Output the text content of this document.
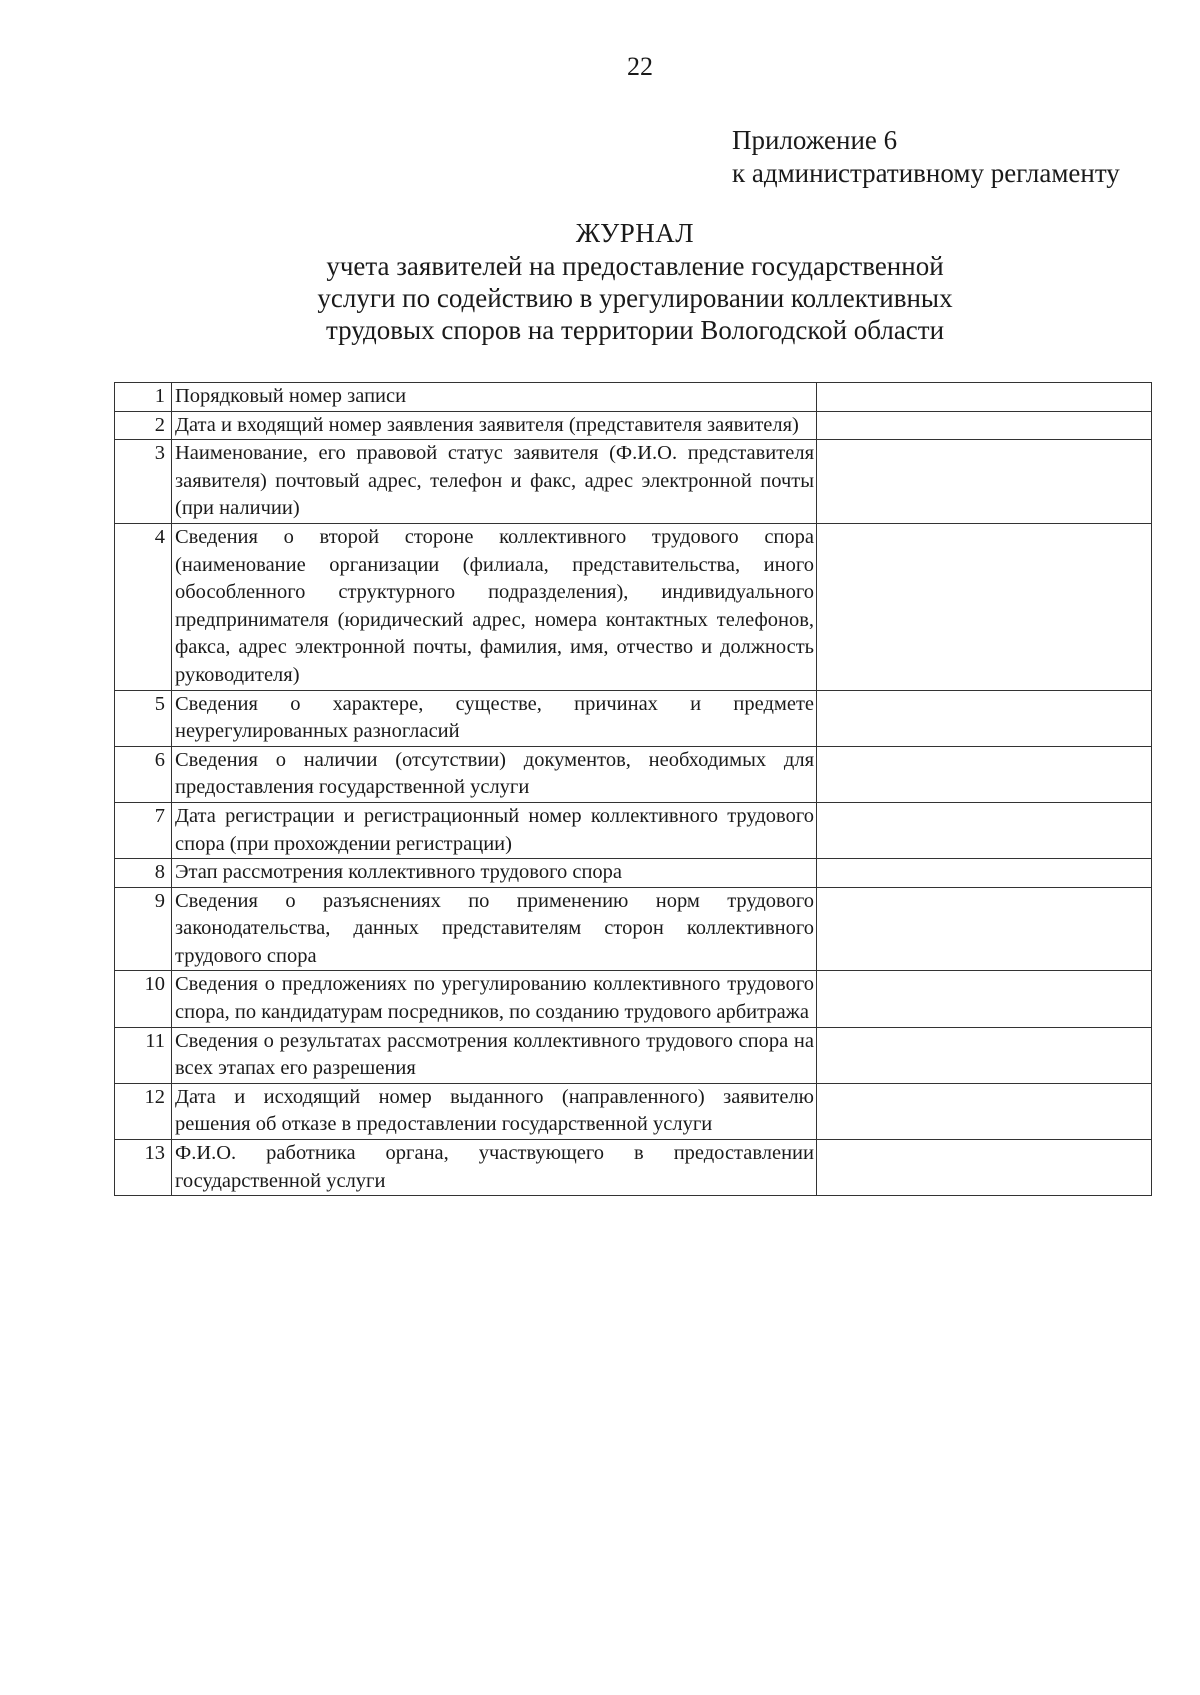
22
Приложение 6
к административному регламенту
ЖУРНАЛ
учета заявителей на предоставление государственной
услуги по содействию в урегулировании коллективных
трудовых споров на территории Вологодской области
1	Порядковый номер записи	
2	Дата и входящий номер заявления заявителя (представителя заявителя)	
3	Наименование, его правовой статус заявителя (Ф.И.О. представителя заявителя) почтовый адрес, телефон и факс, адрес электронной почты (при наличии)	
4	Сведения о второй стороне коллективного трудового спора (наименование организации (филиала, представительства, иного обособленного структурного подразделения), индивидуального предпринимателя (юридический адрес, номера контактных телефонов, факса, адрес электронной почты, фамилия, имя, отчество и должность руководителя)	
5	Сведения о характере, существе, причинах и предмете неурегулированных разногласий	
6	Сведения о наличии (отсутствии) документов, необходимых для предоставления государственной услуги	
7	Дата регистрации и регистрационный номер коллективного трудового спора (при прохождении регистрации)	
8	Этап рассмотрения коллективного трудового спора	
9	Сведения о разъяснениях по применению норм трудового законодательства, данных представителям сторон коллективного трудового спора	
10	Сведения о предложениях по урегулированию коллективного трудового спора, по кандидатурам посредников, по созданию трудового арбитража	
11	Сведения о результатах рассмотрения коллективного трудового спора на всех этапах его разрешения	
12	Дата и исходящий номер выданного (направленного) заявителю решения об отказе в предоставлении государственной услуги	
13	Ф.И.О. работника органа, участвующего в предоставлении государственной услуги	
